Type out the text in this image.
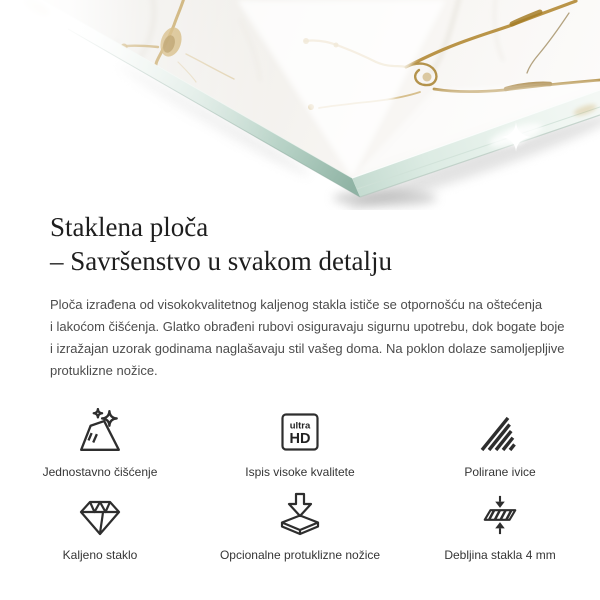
Staklena ploča
– Savršenstvo u svakom detalju
Ploča izrađena od visokokvalitetnog kaljenog stakla ističe se otpornošću na oštećenja
i lakoćom čišćenja. Glatko obrađeni rubovi osiguravaju sigurnu upotrebu, dok bogate boje
i izražajan uzorak godinama naglašavaju stil vašeg doma. Na poklon dolaze samoljepljive
protuklizne nožice.
Jednostavno čišćenje
ultra
HD
Ispis visoke kvalitete	Polirane ivice
Kaljeno staklo	Opcionalne protuklizne nožice	Debljina stakla 4 mm
